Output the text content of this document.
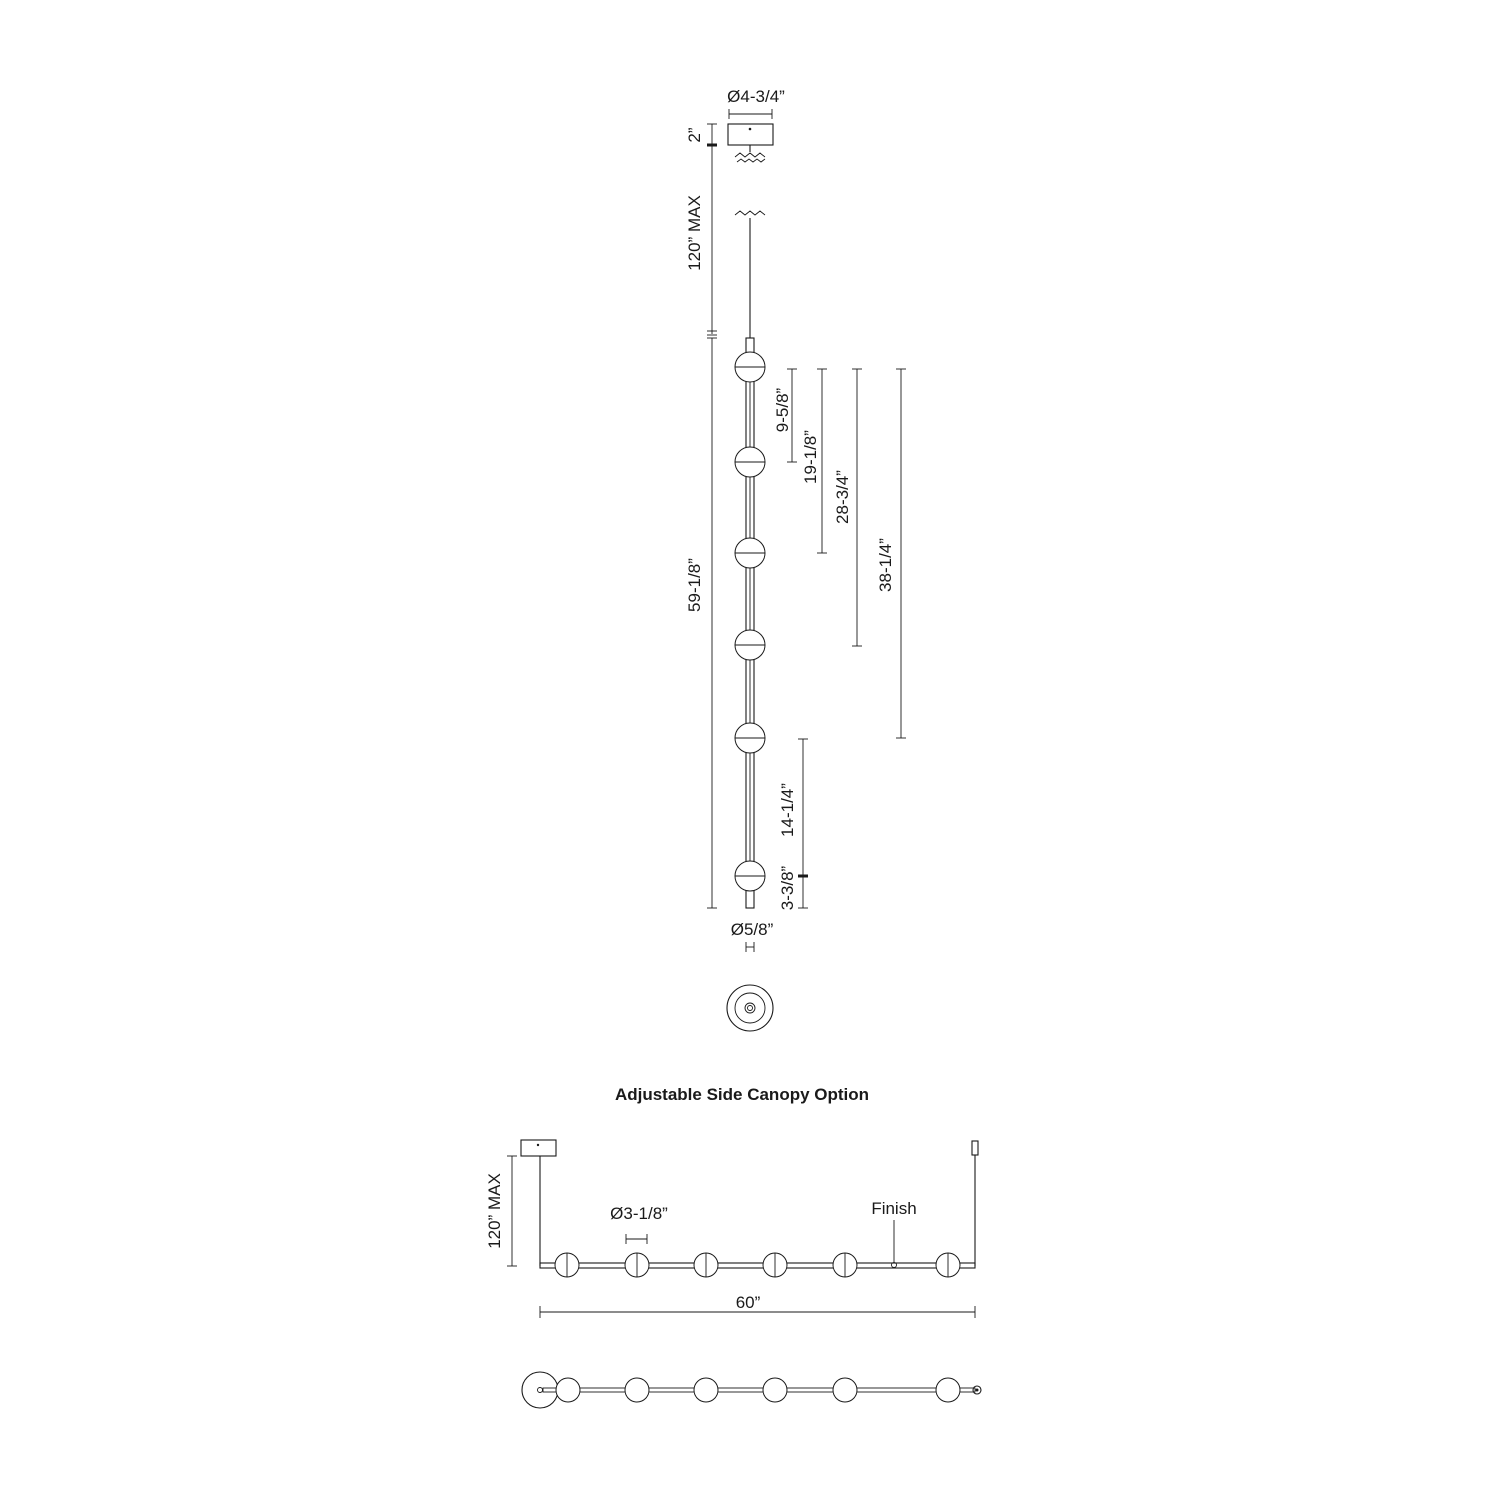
Ø4-3/4”
2”
120” MAX
59-1/8”
9-5/8”
19-1/8”
28-3/4”
38-1/4”
14-1/4”
3-3/8”
Ø5/8”
Adjustable Side Canopy Option
120” MAX	Ø3-1/8”	Finish
60”
